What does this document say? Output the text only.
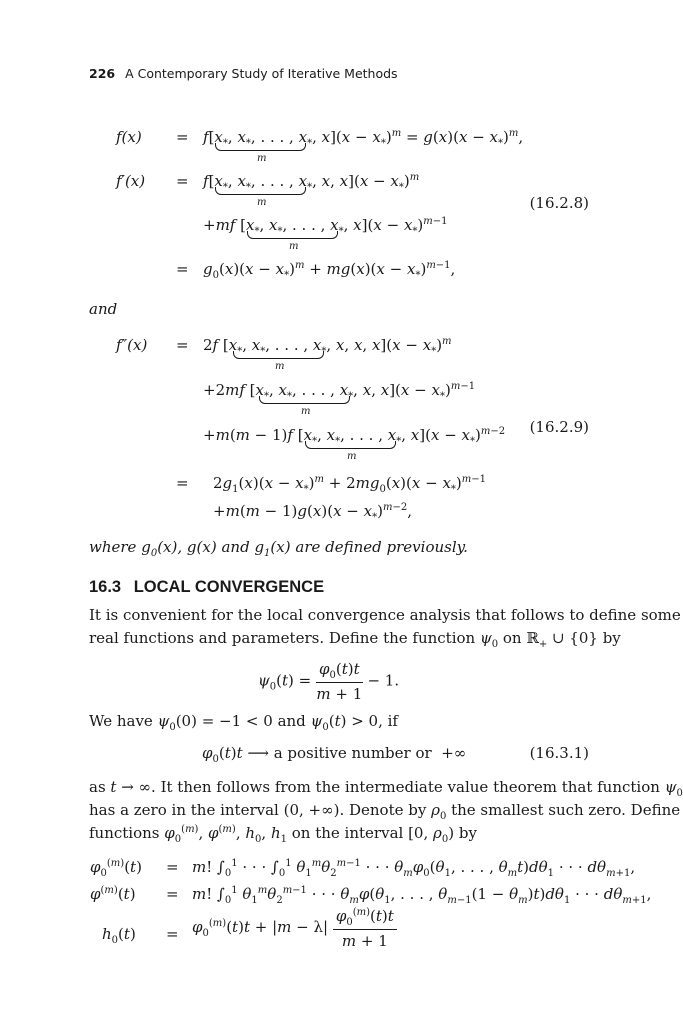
226 A Contemporary Study of Iterative Methods
$f(x) = f[x_*$, $x_*$, . . . , $x_*$, $x](x - x_*)^m = g(x)(x - x_*)^m$,
m
$f'(x) = f[x_*$, $x_*$, . . . , $x_*$, x, $x](x - x_*)^m$
m	(16.2.8)
+mf [$x_*$, $x_*$, . . . , $x_*$, $x](x - x_*)^{m-1}$
m
= $g_0(x)(x - x_*)^m + mg(x)(x - x_*)^{m-1}$,
and
f″(x) = 2f [$x_*$, $x_*$, . . . , $x_*$, x, x, $x](x - x_*)^m$
m
+2mf [$x_*$, $x_*$, . . . , $x_*$, x, $x](x - x_*)^{m-1}$
m
(16.2.9)
+m(m − 1)f [$x_*$, $x_*$, . . . , $x_*$, $x](x - x_*)^{m-2}$
m
= $2g_1(x)(x - x_*)^m + 2mg_0(x)(x - x_*)^{m-1}$
$+m(m - 1)g(x)(x - x_*)^{m-2}$,
where $g_0(x)$, g(x) and $g_1(x)$ are defined previously.
16.3 LOCAL CONVERGENCE
It is convenient for the local convergence analysis that follows to define some
real functions and parameters. Define the function $\psi_0$ on ℝ$_+$ ∪ {0} by
$\psi_0(t) = \frac{\varphi_0(t)t}{m + 1} - 1$.
We have $\psi_0(0) = -1 < 0$ and $\psi_0(t) > 0$, if
$\varphi_0(t)t$ ⟶ a positive number or  +∞	(16.3.1)
as t → ∞. It then follows from the intermediate value theorem that function $\psi_0$
has a zero in the interval (0, +∞). Denote by $\rho_0$ the smallest such zero. Define
functions $\varphi_0^{(m)}$, $\varphi^{(m)}$, $h_0$, $h_1$ on the interval [0, $\rho_0$) by
$\varphi_0^{(m)}(t) = m$! $\int_0^1$ · · · $\int_0^1$ $\theta_1^m\theta_2^{m-1}$ · · · $\theta_m\varphi_0(\theta_1$, . . . , $\theta_mt)d\theta_1$ · · · $d\theta_{m+1}$,
$\varphi^{(m)}(t) = m$! $\int_0^1$ $\theta_1^m\theta_2^{m-1}$ · · · $\theta_m\varphi(\theta_1$, . . . , $\theta_{m-1}(1 - \theta_m)t)d\theta_1$ · · · $d\theta_{m+1}$,
$h_0(t) = \varphi_0^{(m)}(t)t + |m - \lambda| \frac{\varphi_0^{(m)}(t)t}{m + 1}$
